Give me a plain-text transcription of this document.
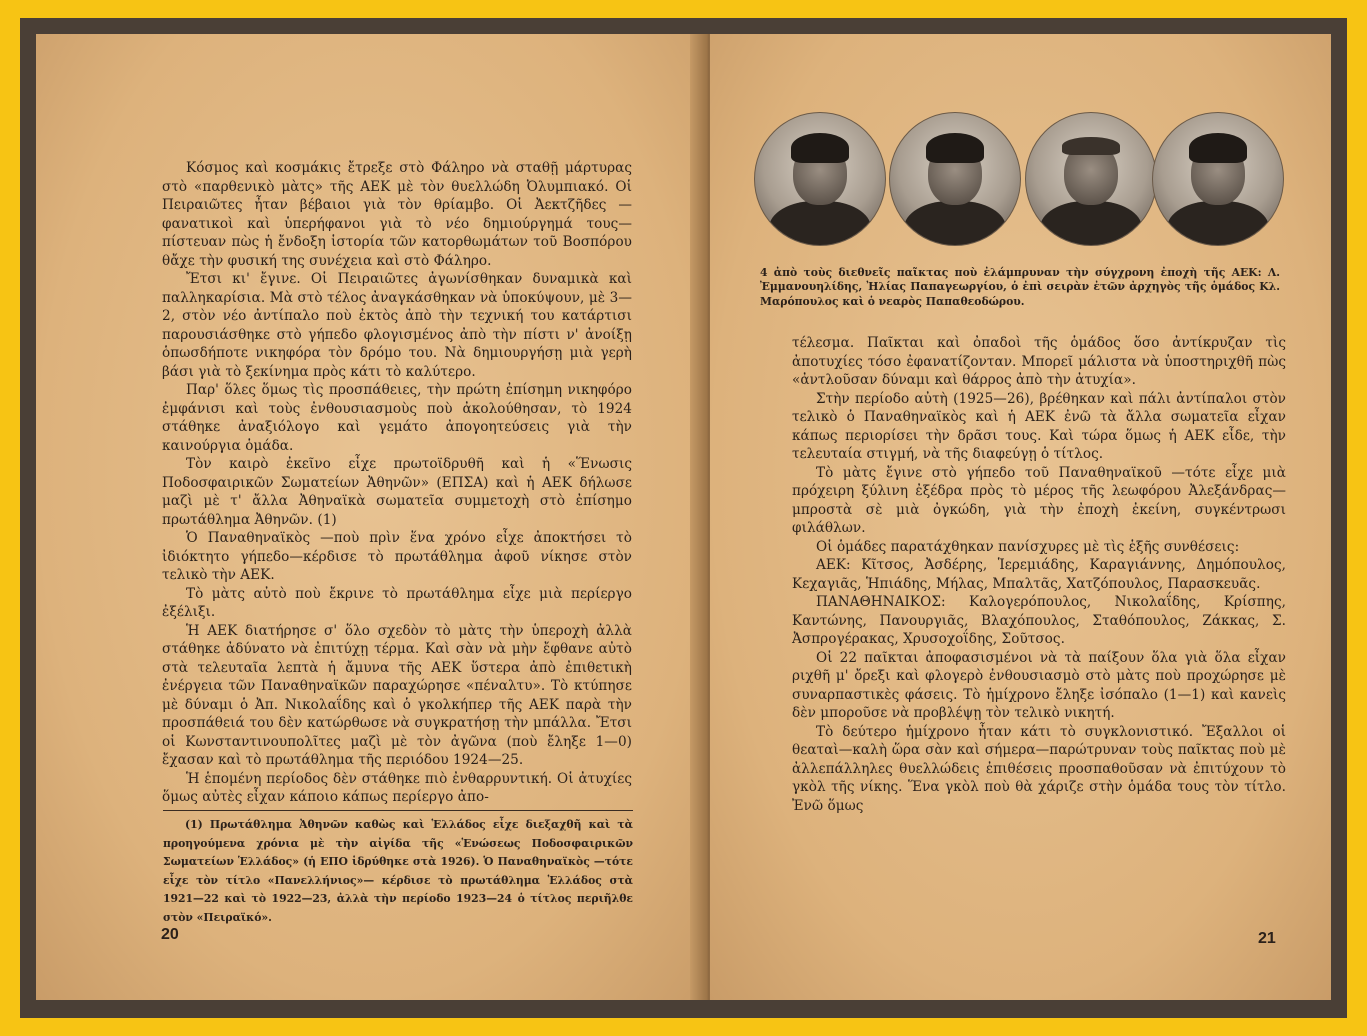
Κόσμος καὶ κοσμάκις ἔτρεξε στὸ Φάληρο νὰ σταθῇ μάρτυρας στὸ «παρθενικὸ μὰτς» τῆς ΑΕΚ μὲ τὸν θυελλώδη Ὀλυμπιακό. Οἱ Πειραιῶτες ἦταν βέβαιοι γιὰ τὸν θρίαμβο. Οἱ Ἀεκτζῆδες —φανατικοὶ καὶ ὑπερήφανοι γιὰ τὸ νέο δημιούργημά τους— πίστευαν πὼς ἡ ἔνδοξη ἱστορία τῶν κατορθωμάτων τοῦ Βοσπόρου θἄχε τὴν φυσική της συνέχεια καὶ στὸ Φάληρο.

Ἔτσι κι' ἔγινε. Οἱ Πειραιῶτες ἀγωνίσθηκαν δυναμικὰ καὶ παλληκαρίσια. Μὰ στὸ τέλος ἀναγκάσθηκαν νὰ ὑποκύψουν, μὲ 3—2, στὸν νέο ἀντίπαλο ποὺ ἐκτὸς ἀπὸ τὴν τεχνική του κατάρτισι παρουσιάσθηκε στὸ γήπεδο φλογισμένος ἀπὸ τὴν πίστι ν' ἀνοίξῃ ὁπωσδήποτε νικηφόρα τὸν δρόμο του. Νὰ δημιουργήσῃ μιὰ γερὴ βάσι γιὰ τὸ ξεκίνημα πρὸς κάτι τὸ καλύτερο.

Παρ' ὅλες ὅμως τὶς προσπάθειες, τὴν πρώτη ἐπίσημη νικηφόρο ἐμφάνισι καὶ τοὺς ἐνθουσιασμοὺς ποὺ ἀκολούθησαν, τὸ 1924 στάθηκε ἀναξιόλογο καὶ γεμάτο ἀπογοητεύσεις γιὰ τὴν καινούργια ὁμάδα.

Τὸν καιρὸ ἐκεῖνο εἶχε πρωτοϊδρυθῆ καὶ ἡ «Ἕνωσις Ποδοσφαιρικῶν Σωματείων Ἀθηνῶν» (ΕΠΣΑ) καὶ ἡ ΑΕΚ δήλωσε μαζὶ μὲ τ' ἄλλα Ἀθηναϊκὰ σωματεῖα συμμετοχὴ στὸ ἐπίσημο πρωτάθλημα Ἀθηνῶν. (1)

Ὁ Παναθηναϊκὸς —ποὺ πρὶν ἕνα χρόνο εἶχε ἀποκτήσει τὸ ἰδιόκτητο γήπεδο—κέρδισε τὸ πρωτάθλημα ἀφοῦ νίκησε στὸν τελικὸ τὴν ΑΕΚ.

Τὸ μὰτς αὐτὸ ποὺ ἔκρινε τὸ πρωτάθλημα εἶχε μιὰ περίεργο ἐξέλιξι.

Ἡ ΑΕΚ διατήρησε σ' ὅλο σχεδὸν τὸ μὰτς τὴν ὑπεροχὴ ἀλλὰ στάθηκε ἀδύνατο νὰ ἐπιτύχῃ τέρμα. Καὶ σὰν νὰ μὴν ἔφθανε αὐτὸ στὰ τελευταῖα λεπτὰ ἡ ἄμυνα τῆς ΑΕΚ ὕστερα ἀπὸ ἐπιθετικὴ ἐνέργεια τῶν Παναθηναϊκῶν παραχώρησε «πέναλτυ». Τὸ κτύπησε μὲ δύναμι ὁ Ἀπ. Νικολαΐδης καὶ ὁ γκολκήπερ τῆς ΑΕΚ παρὰ τὴν προσπάθειά του δὲν κατώρθωσε νὰ συγκρατήσῃ τὴν μπάλλα. Ἔτσι οἱ Κωνσταντινουπολῖτες μαζὶ μὲ τὸν ἀγῶνα (ποὺ ἔληξε 1—0) ἔχασαν καὶ τὸ πρωτάθλημα τῆς περιόδου 1924—25.

Ἡ ἑπομένη περίοδος δὲν στάθηκε πιὸ ἐνθαρρυντική. Οἱ ἀτυχίες ὅμως αὐτὲς εἶχαν κάποιο κάπως περίεργο ἀπο-

(1) Πρωτάθλημα Ἀθηνῶν καθὼς καὶ Ἑλλάδος εἶχε διεξαχθῆ καὶ τὰ προηγούμενα χρόνια μὲ τὴν αἰγίδα τῆς «Ἑνώσεως Ποδοσφαιρικῶν Σωματείων Ἑλλάδος» (ἡ ΕΠΟ ἱδρύθηκε στὰ 1926). Ὁ Παναθηναϊκὸς —τότε εἶχε τὸν τίτλο «Πανελλήνιος»— κέρδισε τὸ πρωτάθλημα Ἑλλάδος στὰ 1921—22 καὶ τὸ 1922—23, ἀλλὰ τὴν περίοδο 1923—24 ὁ τίτλος περιῆλθε στὸν «Πειραϊκό».

20
4 ἀπὸ τοὺς διεθνεῖς παῖκτας ποὺ ἐλάμπρυναν τὴν σύγχρονη ἐποχὴ τῆς ΑΕΚ: Λ. Ἐμμανουηλίδης, Ἠλίας Παπαγεωργίου, ὁ ἐπὶ σειρὰν ἐτῶν ἀρχηγὸς τῆς ὁμάδος Κλ. Μαρόπουλος καὶ ὁ νεαρὸς Παπαθεοδώρου.

τέλεσμα. Παῖκται καὶ ὀπαδοὶ τῆς ὁμάδος ὅσο ἀντίκρυζαν τὶς ἀποτυχίες τόσο ἐφανατίζονταν. Μπορεῖ μάλιστα νὰ ὑποστηριχθῆ πὼς «ἀντλοῦσαν δύναμι καὶ θάρρος ἀπὸ τὴν ἀτυχία».

Στὴν περίοδο αὐτὴ (1925—26), βρέθηκαν καὶ πάλι ἀντίπαλοι στὸν τελικὸ ὁ Παναθηναϊκὸς καὶ ἡ ΑΕΚ ἐνῶ τὰ ἄλλα σωματεῖα εἶχαν κάπως περιορίσει τὴν δρᾶσι τους. Καὶ τώρα ὅμως ἡ ΑΕΚ εἶδε, τὴν τελευταία στιγμή, νὰ τῆς διαφεύγῃ ὁ τίτλος.

Τὸ μὰτς ἔγινε στὸ γήπεδο τοῦ Παναθηναϊκοῦ —τότε εἶχε μιὰ πρόχειρη ξύλινη ἐξέδρα πρὸς τὸ μέρος τῆς λεωφόρου Ἀλεξάνδρας— μπροστὰ σὲ μιὰ ὀγκώδη, γιὰ τὴν ἐποχὴ ἐκείνη, συγκέντρωσι φιλάθλων.

Οἱ ὁμάδες παρατάχθηκαν πανίσχυρες μὲ τὶς ἑξῆς συνθέσεις:

ΑΕΚ: Κῖτσος, Ἀσδέρης, Ἱερεμιάδης, Καραγιάννης, Δημόπουλος, Κεχαγιᾶς, Ἡπιάδης, Μήλας, Μπαλτᾶς, Χατζόπουλος, Παρασκευᾶς.

ΠΑΝΑΘΗΝΑΙΚΟΣ: Καλογερόπουλος, Νικολαΐδης, Κρίσπης, Καντώνης, Πανουργιᾶς, Βλαχόπουλος, Σταθόπουλος, Ζάκκας, Σ. Ἀσπρογέρακας, Χρυσοχοΐδης, Σοῦτσος.

Οἱ 22 παῖκται ἀποφασισμένοι νὰ τὰ παίξουν ὅλα γιὰ ὅλα εἶχαν ριχθῆ μ' ὄρεξι καὶ φλογερὸ ἐνθουσιασμὸ στὸ μὰτς ποὺ προχώρησε μὲ συναρπαστικὲς φάσεις. Τὸ ἡμίχρονο ἔληξε ἰσόπαλο (1—1) καὶ κανεὶς δὲν μποροῦσε νὰ προβλέψῃ τὸν τελικὸ νικητή.

Τὸ δεύτερο ἡμίχρονο ἦταν κάτι τὸ συγκλονιστικό. Ἔξαλλοι οἱ θεαταὶ—καλὴ ὥρα σὰν καὶ σήμερα—παρώτρυναν τοὺς παῖκτας ποὺ μὲ ἀλλεπάλληλες θυελλώδεις ἐπιθέσεις προσπαθοῦσαν νὰ ἐπιτύχουν τὸ γκὸλ τῆς νίκης. Ἕνα γκὸλ ποὺ θὰ χάριζε στὴν ὁμάδα τους τὸν τίτλο. Ἐνῶ ὅμως

21
